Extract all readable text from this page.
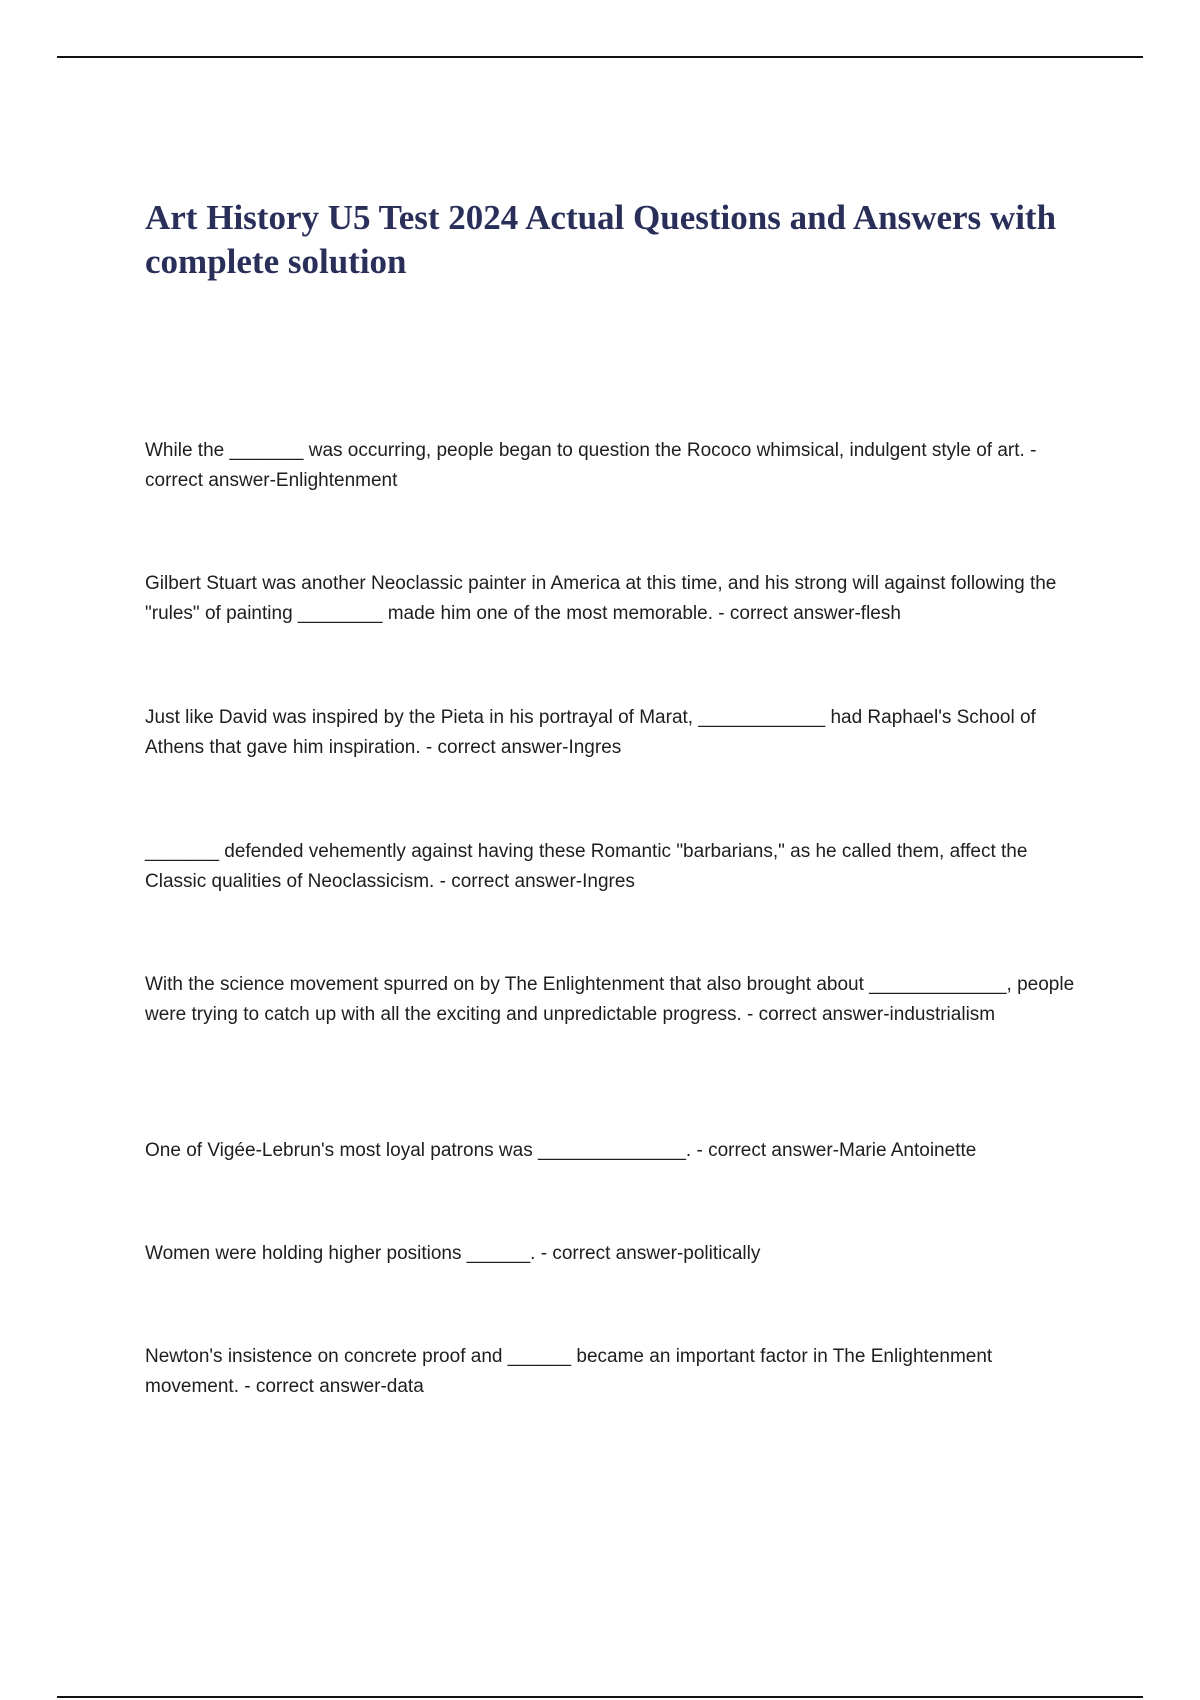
Art History U5 Test 2024 Actual Questions and Answers with complete solution

While the _______ was occurring, people began to question the Rococo whimsical, indulgent style of art. - correct answer-Enlightenment

Gilbert Stuart was another Neoclassic painter in America at this time, and his strong will against following the "rules" of painting ________ made him one of the most memorable. - correct answer-flesh

Just like David was inspired by the Pieta in his portrayal of Marat, ____________ had Raphael's School of Athens that gave him inspiration. - correct answer-Ingres

_______ defended vehemently against having these Romantic "barbarians," as he called them, affect the Classic qualities of Neoclassicism. - correct answer-Ingres

With the science movement spurred on by The Enlightenment that also brought about _____________, people were trying to catch up with all the exciting and unpredictable progress. - correct answer-industrialism

One of Vigée-Lebrun's most loyal patrons was ______________. - correct answer-Marie Antoinette

Women were holding higher positions ______. - correct answer-politically

Newton's insistence on concrete proof and ______ became an important factor in The Enlightenment movement. - correct answer-data
